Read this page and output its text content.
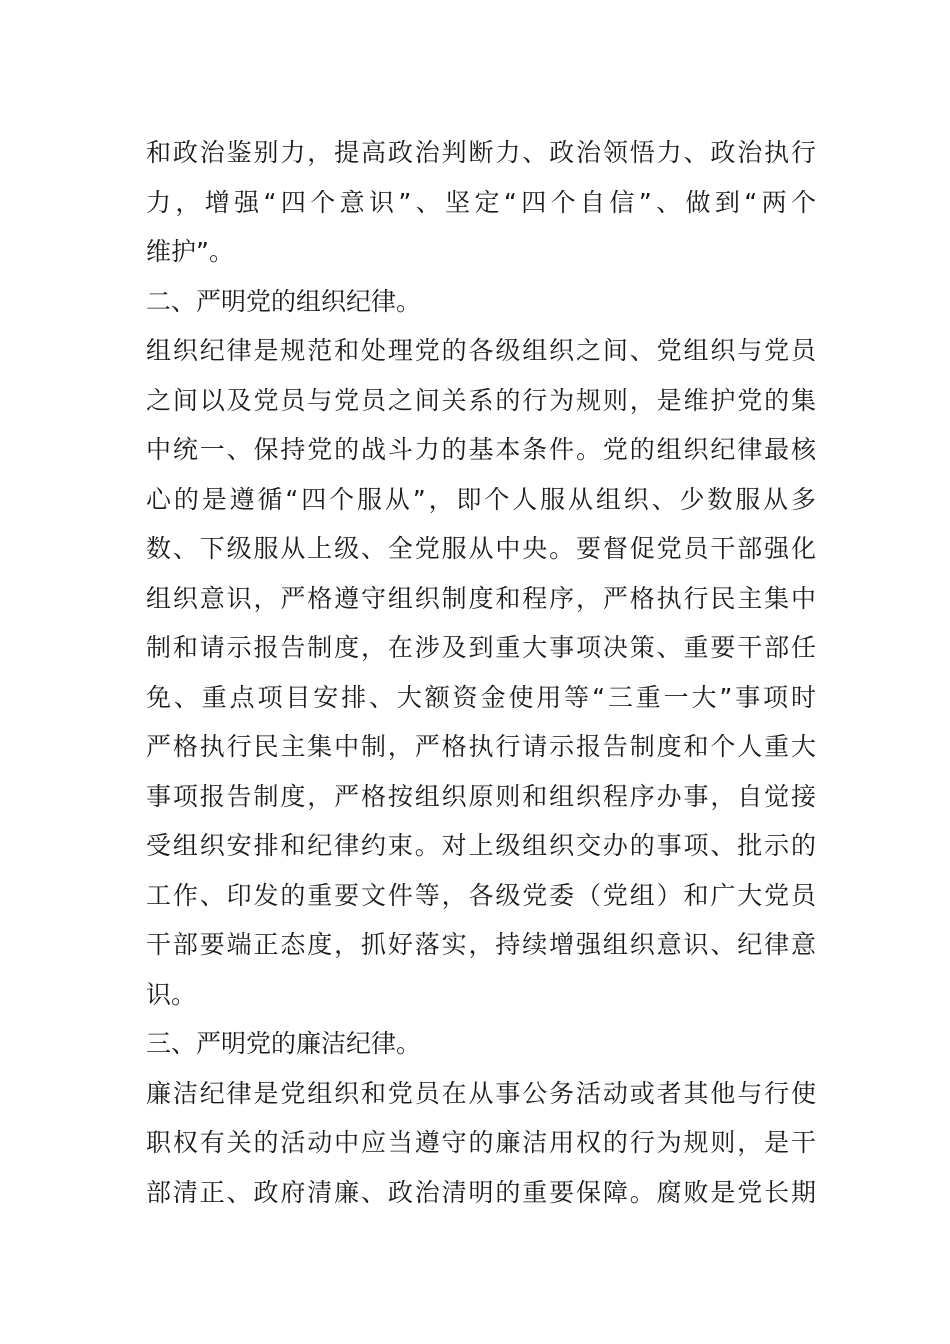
和政治鉴别力，提高政治判断力、政治领悟力、政治执行
力，增强“四个意识”、坚定“四个自信”、做到“两个
维护”。
二、严明党的组织纪律。
组织纪律是规范和处理党的各级组织之间、党组织与党员
之间以及党员与党员之间关系的行为规则，是维护党的集
中统一、保持党的战斗力的基本条件。党的组织纪律最核
心的是遵循“四个服从”，即个人服从组织、少数服从多
数、下级服从上级、全党服从中央。要督促党员干部强化
组织意识，严格遵守组织制度和程序，严格执行民主集中
制和请示报告制度，在涉及到重大事项决策、重要干部任
免、重点项目安排、大额资金使用等“三重一大”事项时
严格执行民主集中制，严格执行请示报告制度和个人重大
事项报告制度，严格按组织原则和组织程序办事，自觉接
受组织安排和纪律约束。对上级组织交办的事项、批示的
工作、印发的重要文件等，各级党委（党组）和广大党员
干部要端正态度，抓好落实，持续增强组织意识、纪律意
识。
三、严明党的廉洁纪律。
廉洁纪律是党组织和党员在从事公务活动或者其他与行使
职权有关的活动中应当遵守的廉洁用权的行为规则，是干
部清正、政府清廉、政治清明的重要保障。腐败是党长期
